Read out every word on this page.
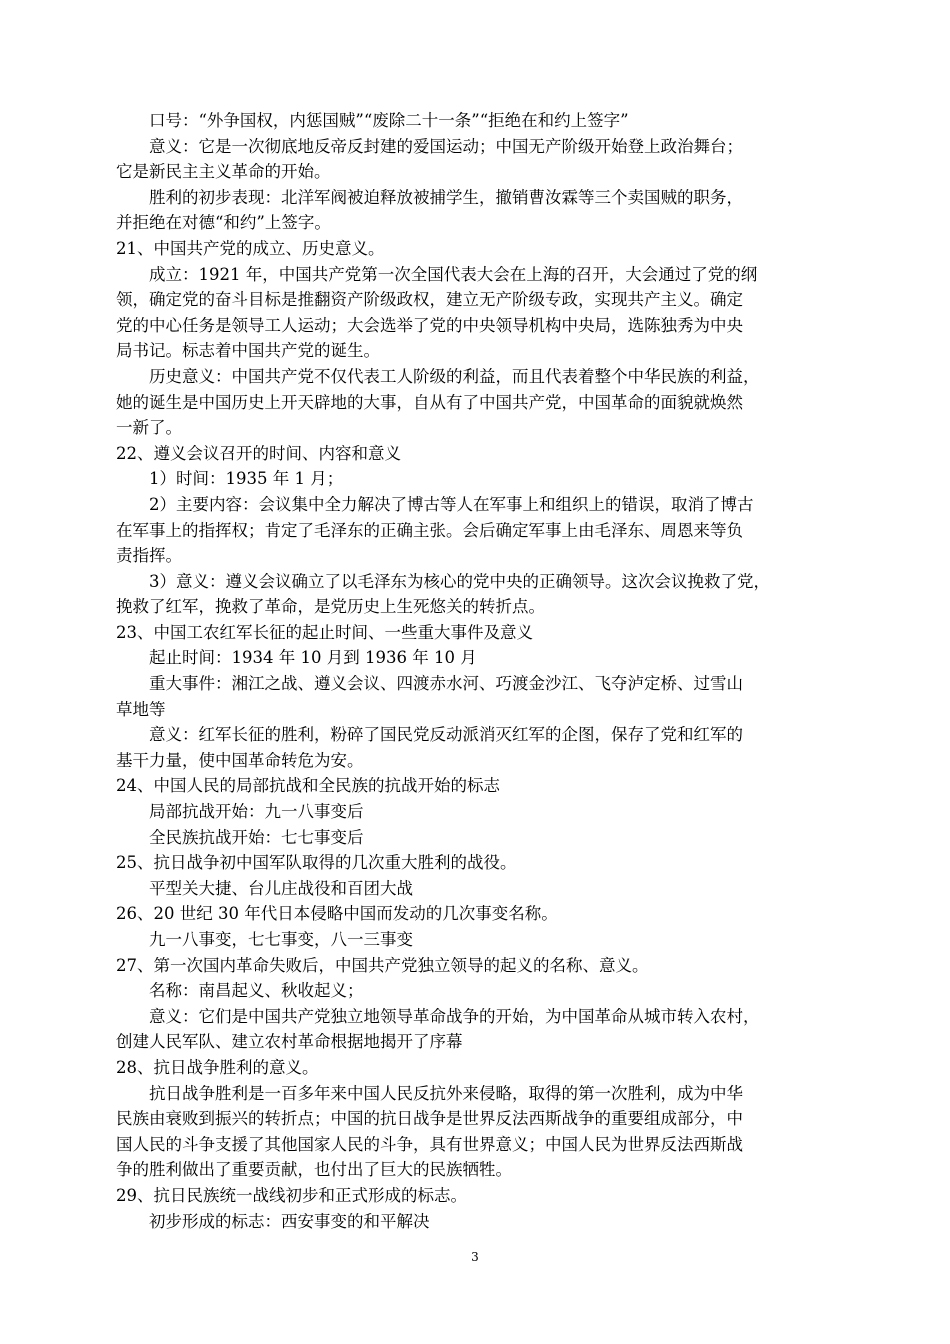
口号：“外争国权，内惩国贼”“废除二十一条”“拒绝在和约上签字”
意义：它是一次彻底地反帝反封建的爱国运动；中国无产阶级开始登上政治舞台；
它是新民主主义革命的开始。
胜利的初步表现：北洋军阀被迫释放被捕学生，撤销曹汝霖等三个卖国贼的职务，
并拒绝在对德“和约”上签字。
21、中国共产党的成立、历史意义。
成立：1921 年，中国共产党第一次全国代表大会在上海的召开，大会通过了党的纲
领，确定党的奋斗目标是推翻资产阶级政权，建立无产阶级专政，实现共产主义。确定
党的中心任务是领导工人运动；大会选举了党的中央领导机构中央局，选陈独秀为中央
局书记。标志着中国共产党的诞生。
历史意义：中国共产党不仅代表工人阶级的利益，而且代表着整个中华民族的利益，
她的诞生是中国历史上开天辟地的大事，自从有了中国共产党，中国革命的面貌就焕然
一新了。
22、遵义会议召开的时间、内容和意义
1）时间：1935 年 1 月；
2）主要内容：会议集中全力解决了博古等人在军事上和组织上的错误，取消了博古
在军事上的指挥权；肯定了毛泽东的正确主张。会后确定军事上由毛泽东、周恩来等负
责指挥。
3）意义：遵义会议确立了以毛泽东为核心的党中央的正确领导。这次会议挽救了党，
挽救了红军，挽救了革命，是党历史上生死悠关的转折点。
23、中国工农红军长征的起止时间、一些重大事件及意义
起止时间：1934 年 10 月到 1936 年 10 月
重大事件：湘江之战、遵义会议、四渡赤水河、巧渡金沙江、飞夺泸定桥、过雪山
草地等
意义：红军长征的胜利，粉碎了国民党反动派消灭红军的企图，保存了党和红军的
基干力量，使中国革命转危为安。
24、中国人民的局部抗战和全民族的抗战开始的标志
局部抗战开始：九一八事变后
全民族抗战开始：七七事变后
25、抗日战争初中国军队取得的几次重大胜利的战役。
平型关大捷、台儿庄战役和百团大战
26、20 世纪 30 年代日本侵略中国而发动的几次事变名称。
九一八事变，七七事变，八一三事变
27、第一次国内革命失败后，中国共产党独立领导的起义的名称、意义。
名称：南昌起义、秋收起义；
意义：它们是中国共产党独立地领导革命战争的开始，为中国革命从城市转入农村，
创建人民军队、建立农村革命根据地揭开了序幕
28、抗日战争胜利的意义。
抗日战争胜利是一百多年来中国人民反抗外来侵略，取得的第一次胜利，成为中华
民族由衰败到振兴的转折点；中国的抗日战争是世界反法西斯战争的重要组成部分，中
国人民的斗争支援了其他国家人民的斗争，具有世界意义；中国人民为世界反法西斯战
争的胜利做出了重要贡献，也付出了巨大的民族牺牲。
29、抗日民族统一战线初步和正式形成的标志。
初步形成的标志：西安事变的和平解决
3
